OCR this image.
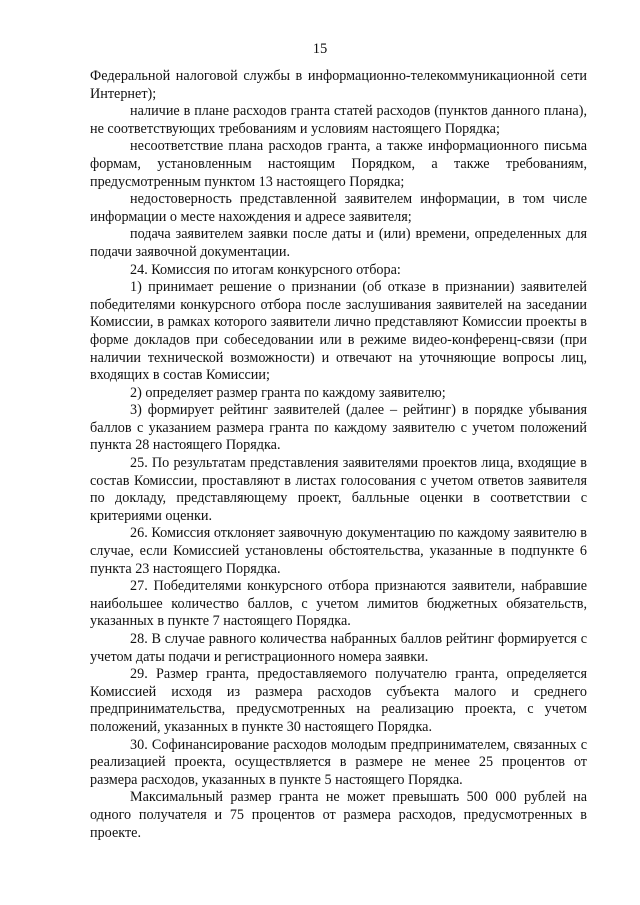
15

Федеральной налоговой службы в информационно-телекоммуникационной сети Интернет);

наличие в плане расходов гранта статей расходов (пунктов данного плана), не соответствующих требованиям и условиям настоящего Порядка;

несоответствие плана расходов гранта, а также информационного письма формам, установленным настоящим Порядком, а также требованиям, предусмотренным пунктом 13 настоящего Порядка;

недостоверность представленной заявителем информации, в том числе информации о месте нахождения и адресе заявителя;

подача заявителем заявки после даты и (или) времени, определенных для подачи заявочной документации.

24. Комиссия по итогам конкурсного отбора:

1) принимает решение о признании (об отказе в признании) заявителей победителями конкурсного отбора после заслушивания заявителей на заседании Комиссии, в рамках которого заявители лично представляют Комиссии проекты в форме докладов при собеседовании или в режиме видео-конференц-связи (при наличии технической возможности) и отвечают на уточняющие вопросы лиц, входящих в состав Комиссии;

2) определяет размер гранта по каждому заявителю;

3) формирует рейтинг заявителей (далее – рейтинг) в порядке убывания баллов с указанием размера гранта по каждому заявителю с учетом положений пункта 28 настоящего Порядка.

25. По результатам представления заявителями проектов лица, входящие в состав Комиссии, проставляют в листах голосования с учетом ответов заявителя по докладу, представляющему проект, балльные оценки в соответствии с критериями оценки.

26. Комиссия отклоняет заявочную документацию по каждому заявителю в случае, если Комиссией установлены обстоятельства, указанные в подпункте 6 пункта 23 настоящего Порядка.

27. Победителями конкурсного отбора признаются заявители, набравшие наибольшее количество баллов, с учетом лимитов бюджетных обязательств, указанных в пункте 7 настоящего Порядка.

28. В случае равного количества набранных баллов рейтинг формируется с учетом даты подачи и регистрационного номера заявки.

29. Размер гранта, предоставляемого получателю гранта, определяется Комиссией исходя из размера расходов субъекта малого и среднего предпринимательства, предусмотренных на реализацию проекта, с учетом положений, указанных в пункте 30 настоящего Порядка.

30. Софинансирование расходов молодым предпринимателем, связанных с реализацией проекта, осуществляется в размере не менее 25 процентов от размера расходов, указанных в пункте 5 настоящего Порядка.

Максимальный размер гранта не может превышать 500 000 рублей на одного получателя и 75 процентов от размера расходов, предусмотренных в проекте.
